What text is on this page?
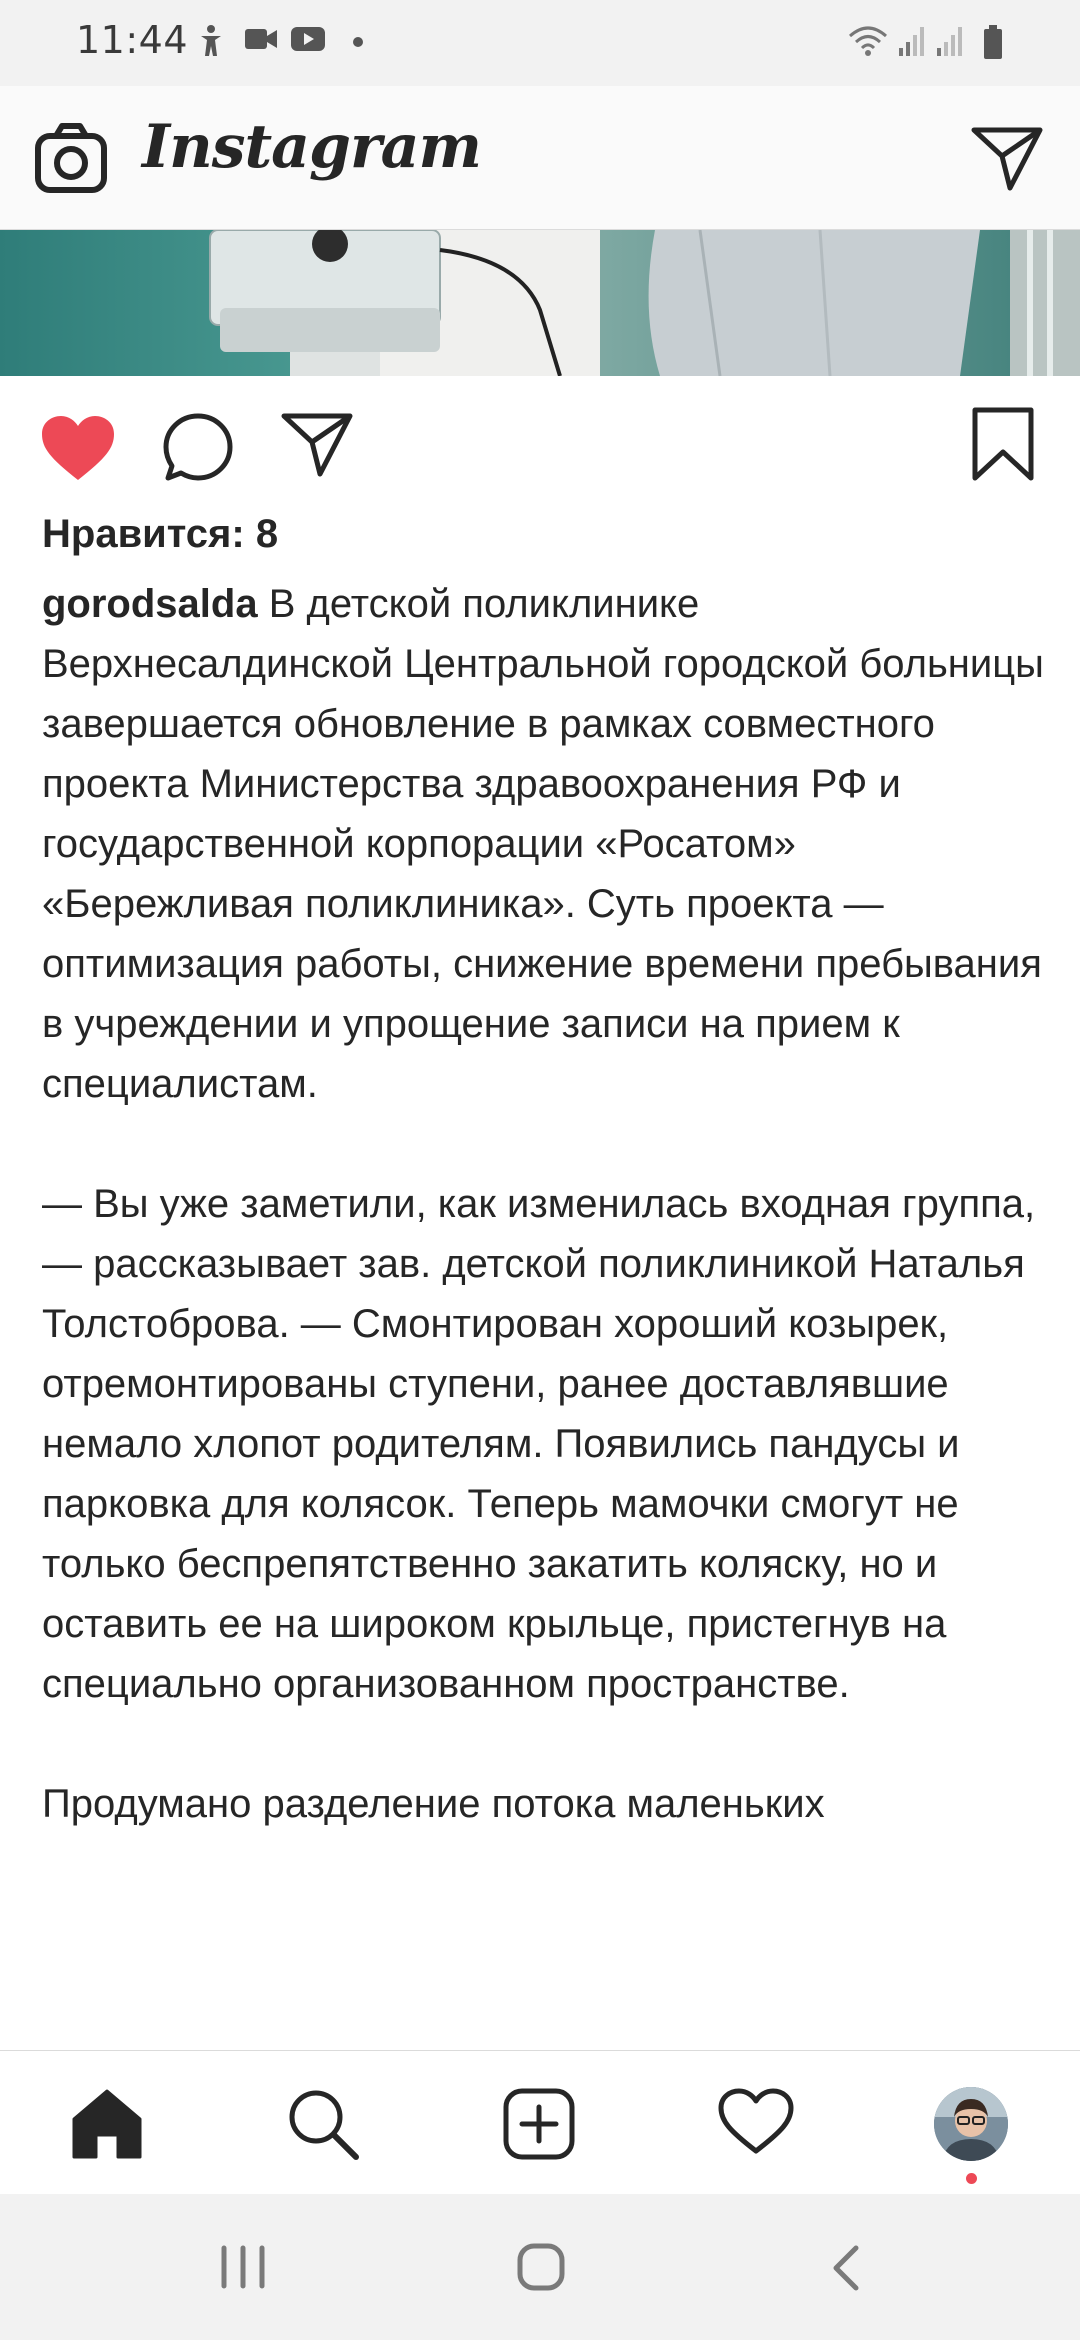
11:44
Instagram
Нравится: 8
gorodsalda В детской поликлинике Верхнесалдинской Центральной городской больницы завершается обновление в рамках совместного проекта Министерства здравоохранения РФ и государственной корпорации «Росатом» «Бережливая поликлиника». Суть проекта — оптимизация работы, снижение времени пребывания в учреждении и упрощение записи на прием к специалистам.

— Вы уже заметили, как изменилась входная группа, — рассказывает зав. детской поликлиникой Наталья Толстоброва. — Смонтирован хороший козырек, отремонтированы ступени, ранее доставлявшие немало хлопот родителям. Появились пандусы и парковка для колясок. Теперь мамочки смогут не только беспрепятственно закатить коляску, но и оставить ее на широком крыльце, пристегнув на специально организованном пространстве.

Продумано разделение потока маленьких
